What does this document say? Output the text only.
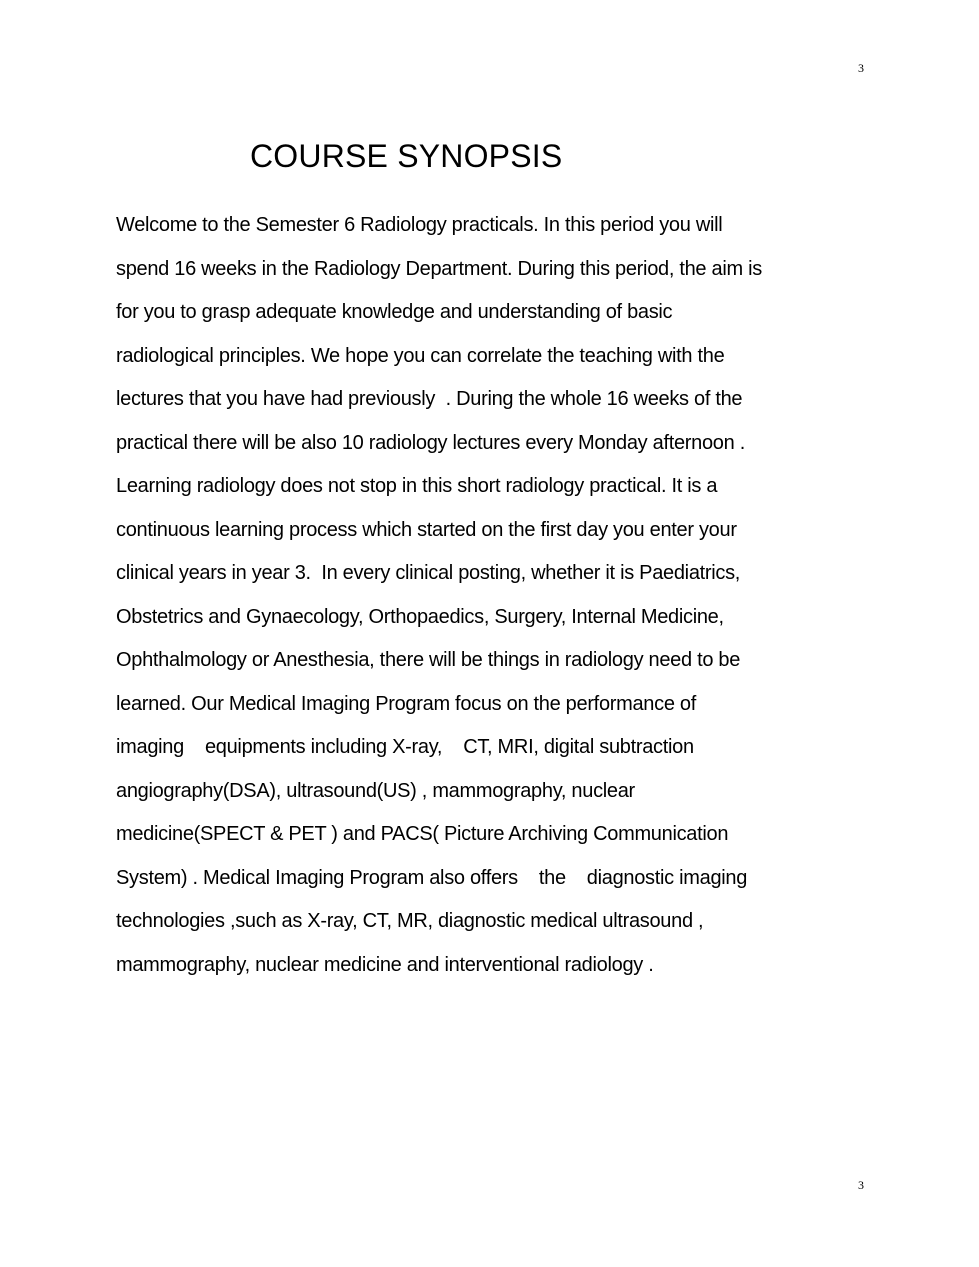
3
COURSE SYNOPSIS
Welcome to the Semester 6 Radiology practicals. In this period you will
spend 16 weeks in the Radiology Department. During this period, the aim is
for you to grasp adequate knowledge and understanding of basic
radiological principles. We hope you can correlate the teaching with the
lectures that you have had previously  . During the whole 16 weeks of the
practical there will be also 10 radiology lectures every Monday afternoon .
Learning radiology does not stop in this short radiology practical. It is a
continuous learning process which started on the first day you enter your
clinical years in year 3.  In every clinical posting, whether it is Paediatrics,
Obstetrics and Gynaecology, Orthopaedics, Surgery, Internal Medicine,
Ophthalmology or Anesthesia, there will be things in radiology need to be
learned. Our Medical Imaging Program focus on the performance of
imaging    equipments including X-ray,    CT, MRI, digital subtraction
angiography(DSA), ultrasound(US) , mammography, nuclear
medicine(SPECT & PET ) and PACS( Picture Archiving Communication
System) . Medical Imaging Program also offers    the    diagnostic imaging
technologies ,such as X-ray, CT, MR, diagnostic medical ultrasound ,
mammography, nuclear medicine and interventional radiology .
3
